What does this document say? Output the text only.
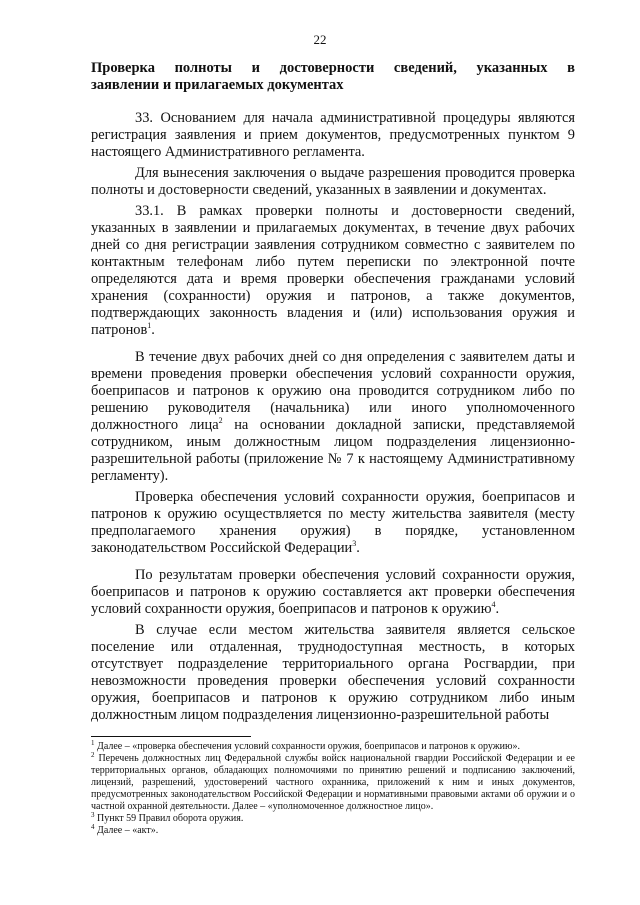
22
Проверка полноты и достоверности сведений, указанных в
заявлении и прилагаемых документах

33. Основанием для начала административной процедуры являются регистрация заявления и прием документов, предусмотренных пунктом 9 настоящего Административного регламента.

Для вынесения заключения о выдаче разрешения проводится проверка полноты и достоверности сведений, указанных в заявлении и документах.

33.1. В рамках проверки полноты и достоверности сведений, указанных в заявлении и прилагаемых документах, в течение двух рабочих дней со дня регистрации заявления сотрудником совместно с заявителем по контактным телефонам либо путем переписки по электронной почте определяются дата и время проверки обеспечения гражданами условий хранения (сохранности) оружия и патронов, а также документов, подтверждающих законность владения и (или) использования оружия и патронов$^1$.

В течение двух рабочих дней со дня определения с заявителем даты и времени проведения проверки обеспечения условий сохранности оружия, боеприпасов и патронов к оружию она проводится сотрудником либо по решению руководителя (начальника) или иного уполномоченного должностного лица$^2$ на основании докладной записки, представляемой сотрудником, иным должностным лицом подразделения лицензионно-разрешительной работы (приложение № 7 к настоящему Административному регламенту).

Проверка обеспечения условий сохранности оружия, боеприпасов и патронов к оружию осуществляется по месту жительства заявителя (месту предполагаемого хранения оружия) в порядке, установленном законодательством Российской Федерации$^3$.

По результатам проверки обеспечения условий сохранности оружия, боеприпасов и патронов к оружию составляется акт проверки обеспечения условий сохранности оружия, боеприпасов и патронов к оружию$^4$.

В случае если местом жительства заявителя является сельское поселение или отдаленная, труднодоступная местность, в которых отсутствует подразделение территориального органа Росгвардии, при невозможности проведения проверки обеспечения условий сохранности оружия, боеприпасов и патронов к оружию сотрудником либо иным должностным лицом подразделения лицензионно-разрешительной работы

$^1$ Далее – «проверка обеспечения условий сохранности оружия, боеприпасов и патронов к оружию».

$^2$ Перечень должностных лиц Федеральной службы войск национальной гвардии Российской Федерации и ее территориальных органов, обладающих полномочиями по принятию решений и подписанию заключений, лицензий, разрешений, удостоверений частного охранника, приложений к ним и иных документов, предусмотренных законодательством Российской Федерации и нормативными правовыми актами об оружии и о частной охранной деятельности. Далее – «уполномоченное должностное лицо».

$^3$ Пункт 59 Правил оборота оружия.

$^4$ Далее – «акт».
